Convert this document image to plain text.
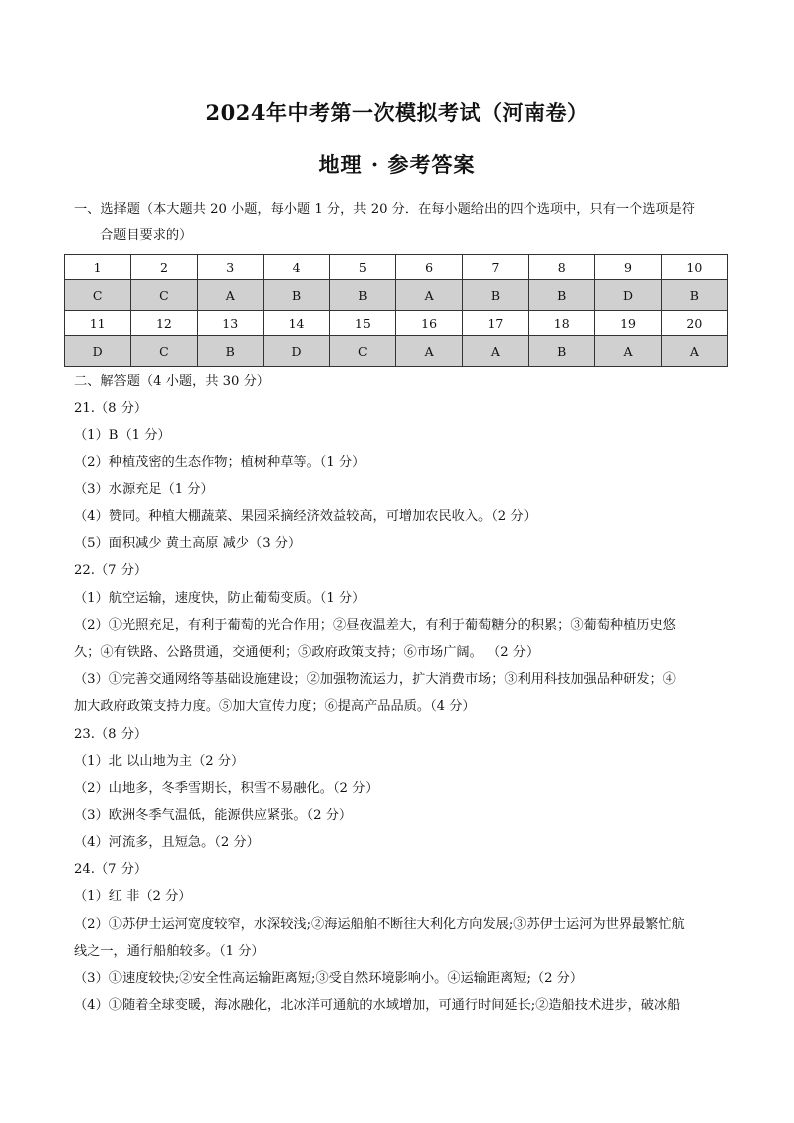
2024年中考第一次模拟考试（河南卷）
地理 · 参考答案
一、选择题（本大题共 20 小题，每小题 1 分，共 20 分．在每小题给出的四个选项中，只有一个选项是符
合题目要求的）
1	2	3	4	5	6	7	8	9	10
C	C	A	B	B	A	B	B	D	B
11	12	13	14	15	16	17	18	19	20
D	C	B	D	C	A	A	B	A	A
二、解答题（4 小题，共 30 分）
21.（8 分）
（1）B（1 分）
（2）种植茂密的生态作物；植树种草等。（1 分）
（3）水源充足（1 分）
（4）赞同。种植大棚蔬菜、果园采摘经济效益较高，可增加农民收入。（2 分）
（5）面积减少 黄土高原 减少（3 分）
22.（7 分）
（1）航空运输，速度快，防止葡萄变质。（1 分）
（2）①光照充足，有利于葡萄的光合作用；②昼夜温差大，有利于葡萄糖分的积累；③葡萄种植历史悠
久；④有铁路、公路贯通，交通便利；⑤政府政策支持；⑥市场广阔。 （2 分）
（3）①完善交通网络等基础设施建设；②加强物流运力，扩大消费市场；③利用科技加强品种研发；④
加大政府政策支持力度。⑤加大宣传力度；⑥提高产品品质。（4 分）
23.（8 分）
（1）北 以山地为主（2 分）
（2）山地多，冬季雪期长，积雪不易融化。（2 分）
（3）欧洲冬季气温低，能源供应紧张。（2 分）
（4）河流多，且短急。（2 分）
24.（7 分）
（1）红 非（2 分）
（2）①苏伊士运河宽度较窄，水深较浅;②海运船舶不断往大利化方向发展;③苏伊士运河为世界最繁忙航
线之一，通行船舶较多。（1 分）
（3）①速度较快;②安全性高运输距离短;③受自然环境影响小。④运输距离短;（2 分）
（4）①随着全球变暖，海冰融化，北冰洋可通航的水域增加，可通行时间延长;②造船技术进步，破冰船
